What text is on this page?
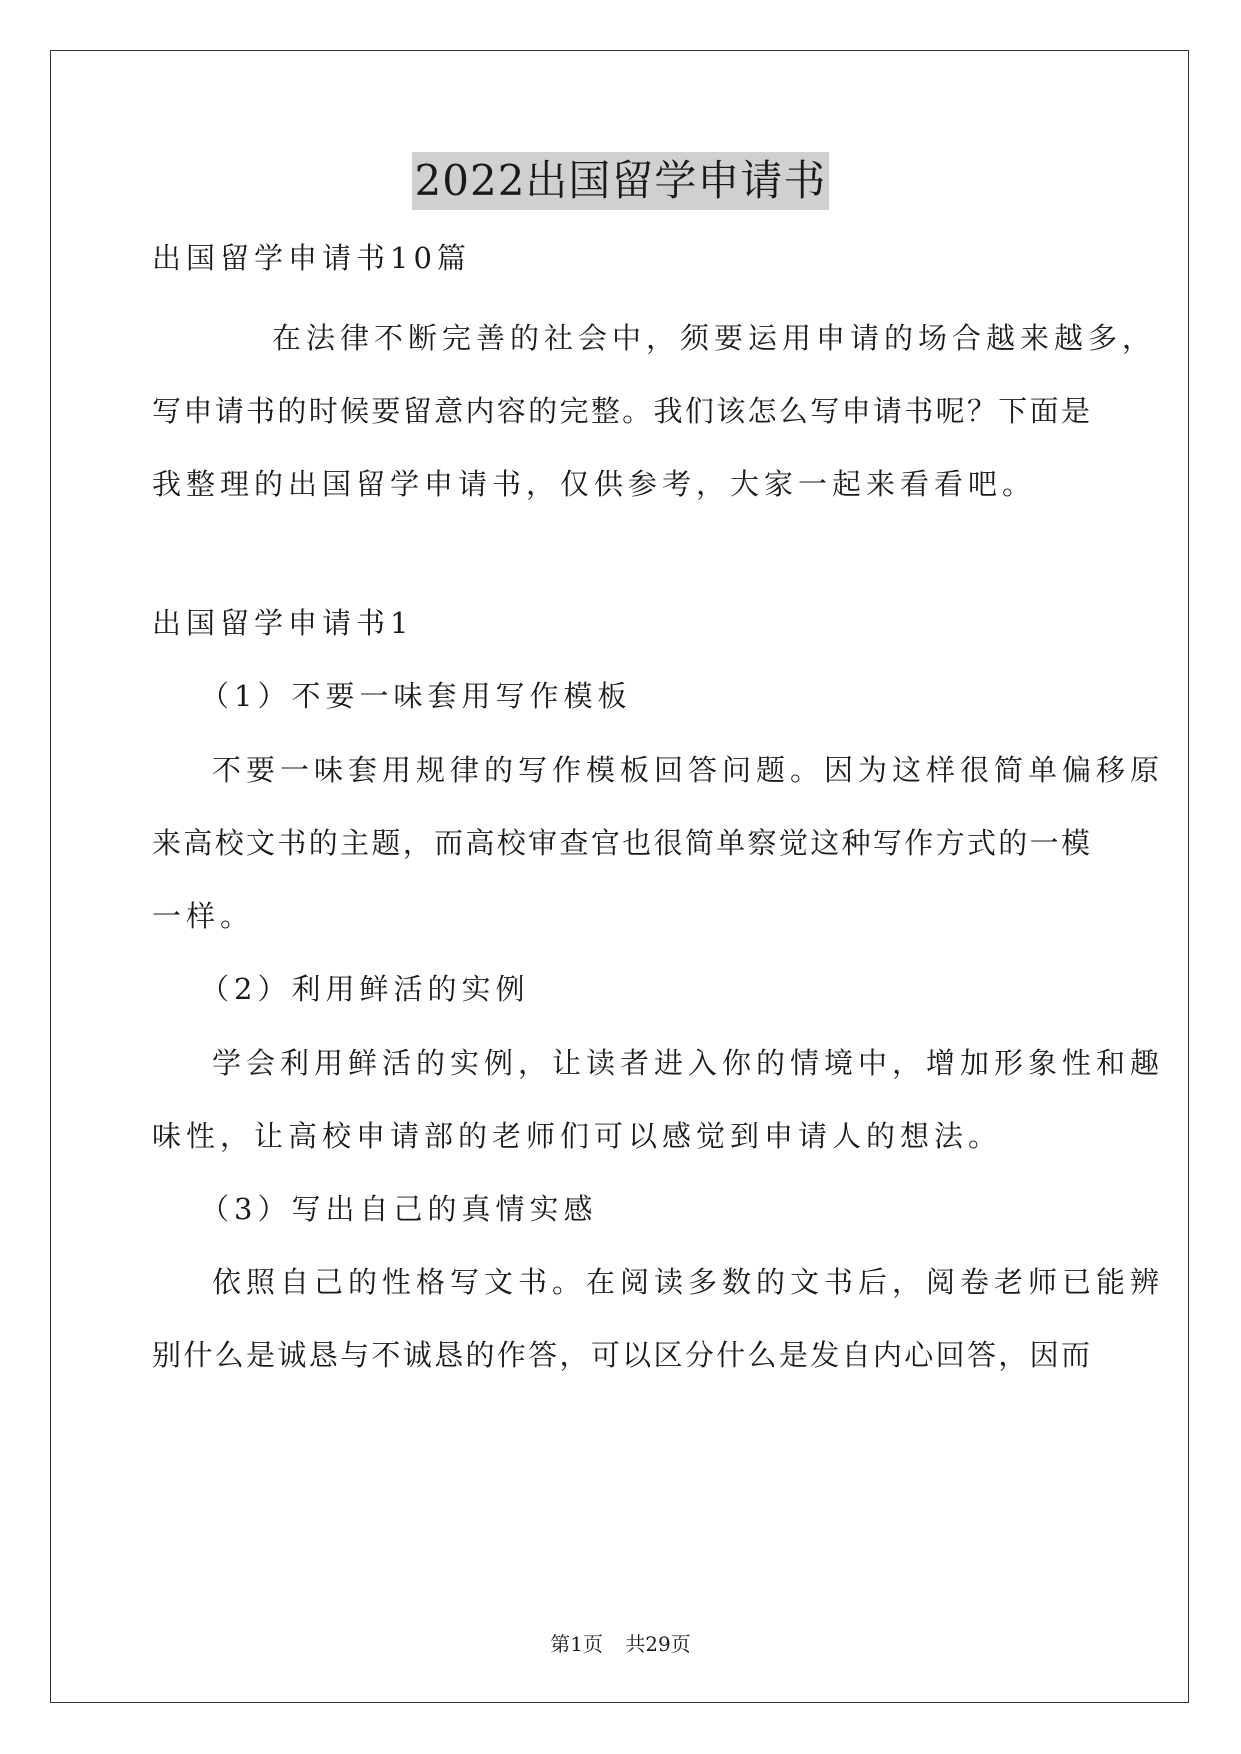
2022出国留学申请书
出国留学申请书10篇
在法律不断完善的社会中，须要运用申请的场合越来越多，
写申请书的时候要留意内容的完整。我们该怎么写申请书呢？下面是
我整理的出国留学申请书，仅供参考，大家一起来看看吧。
出国留学申请书1
（1）不要一味套用写作模板
不要一味套用规律的写作模板回答问题。因为这样很简单偏移原
来高校文书的主题，而高校审查官也很简单察觉这种写作方式的一模
一样。
（2）利用鲜活的实例
学会利用鲜活的实例，让读者进入你的情境中，增加形象性和趣
味性，让高校申请部的老师们可以感觉到申请人的想法。
（3）写出自己的真情实感
依照自己的性格写文书。在阅读多数的文书后，阅卷老师已能辨
别什么是诚恳与不诚恳的作答，可以区分什么是发自内心回答，因而
第1页 共29页
